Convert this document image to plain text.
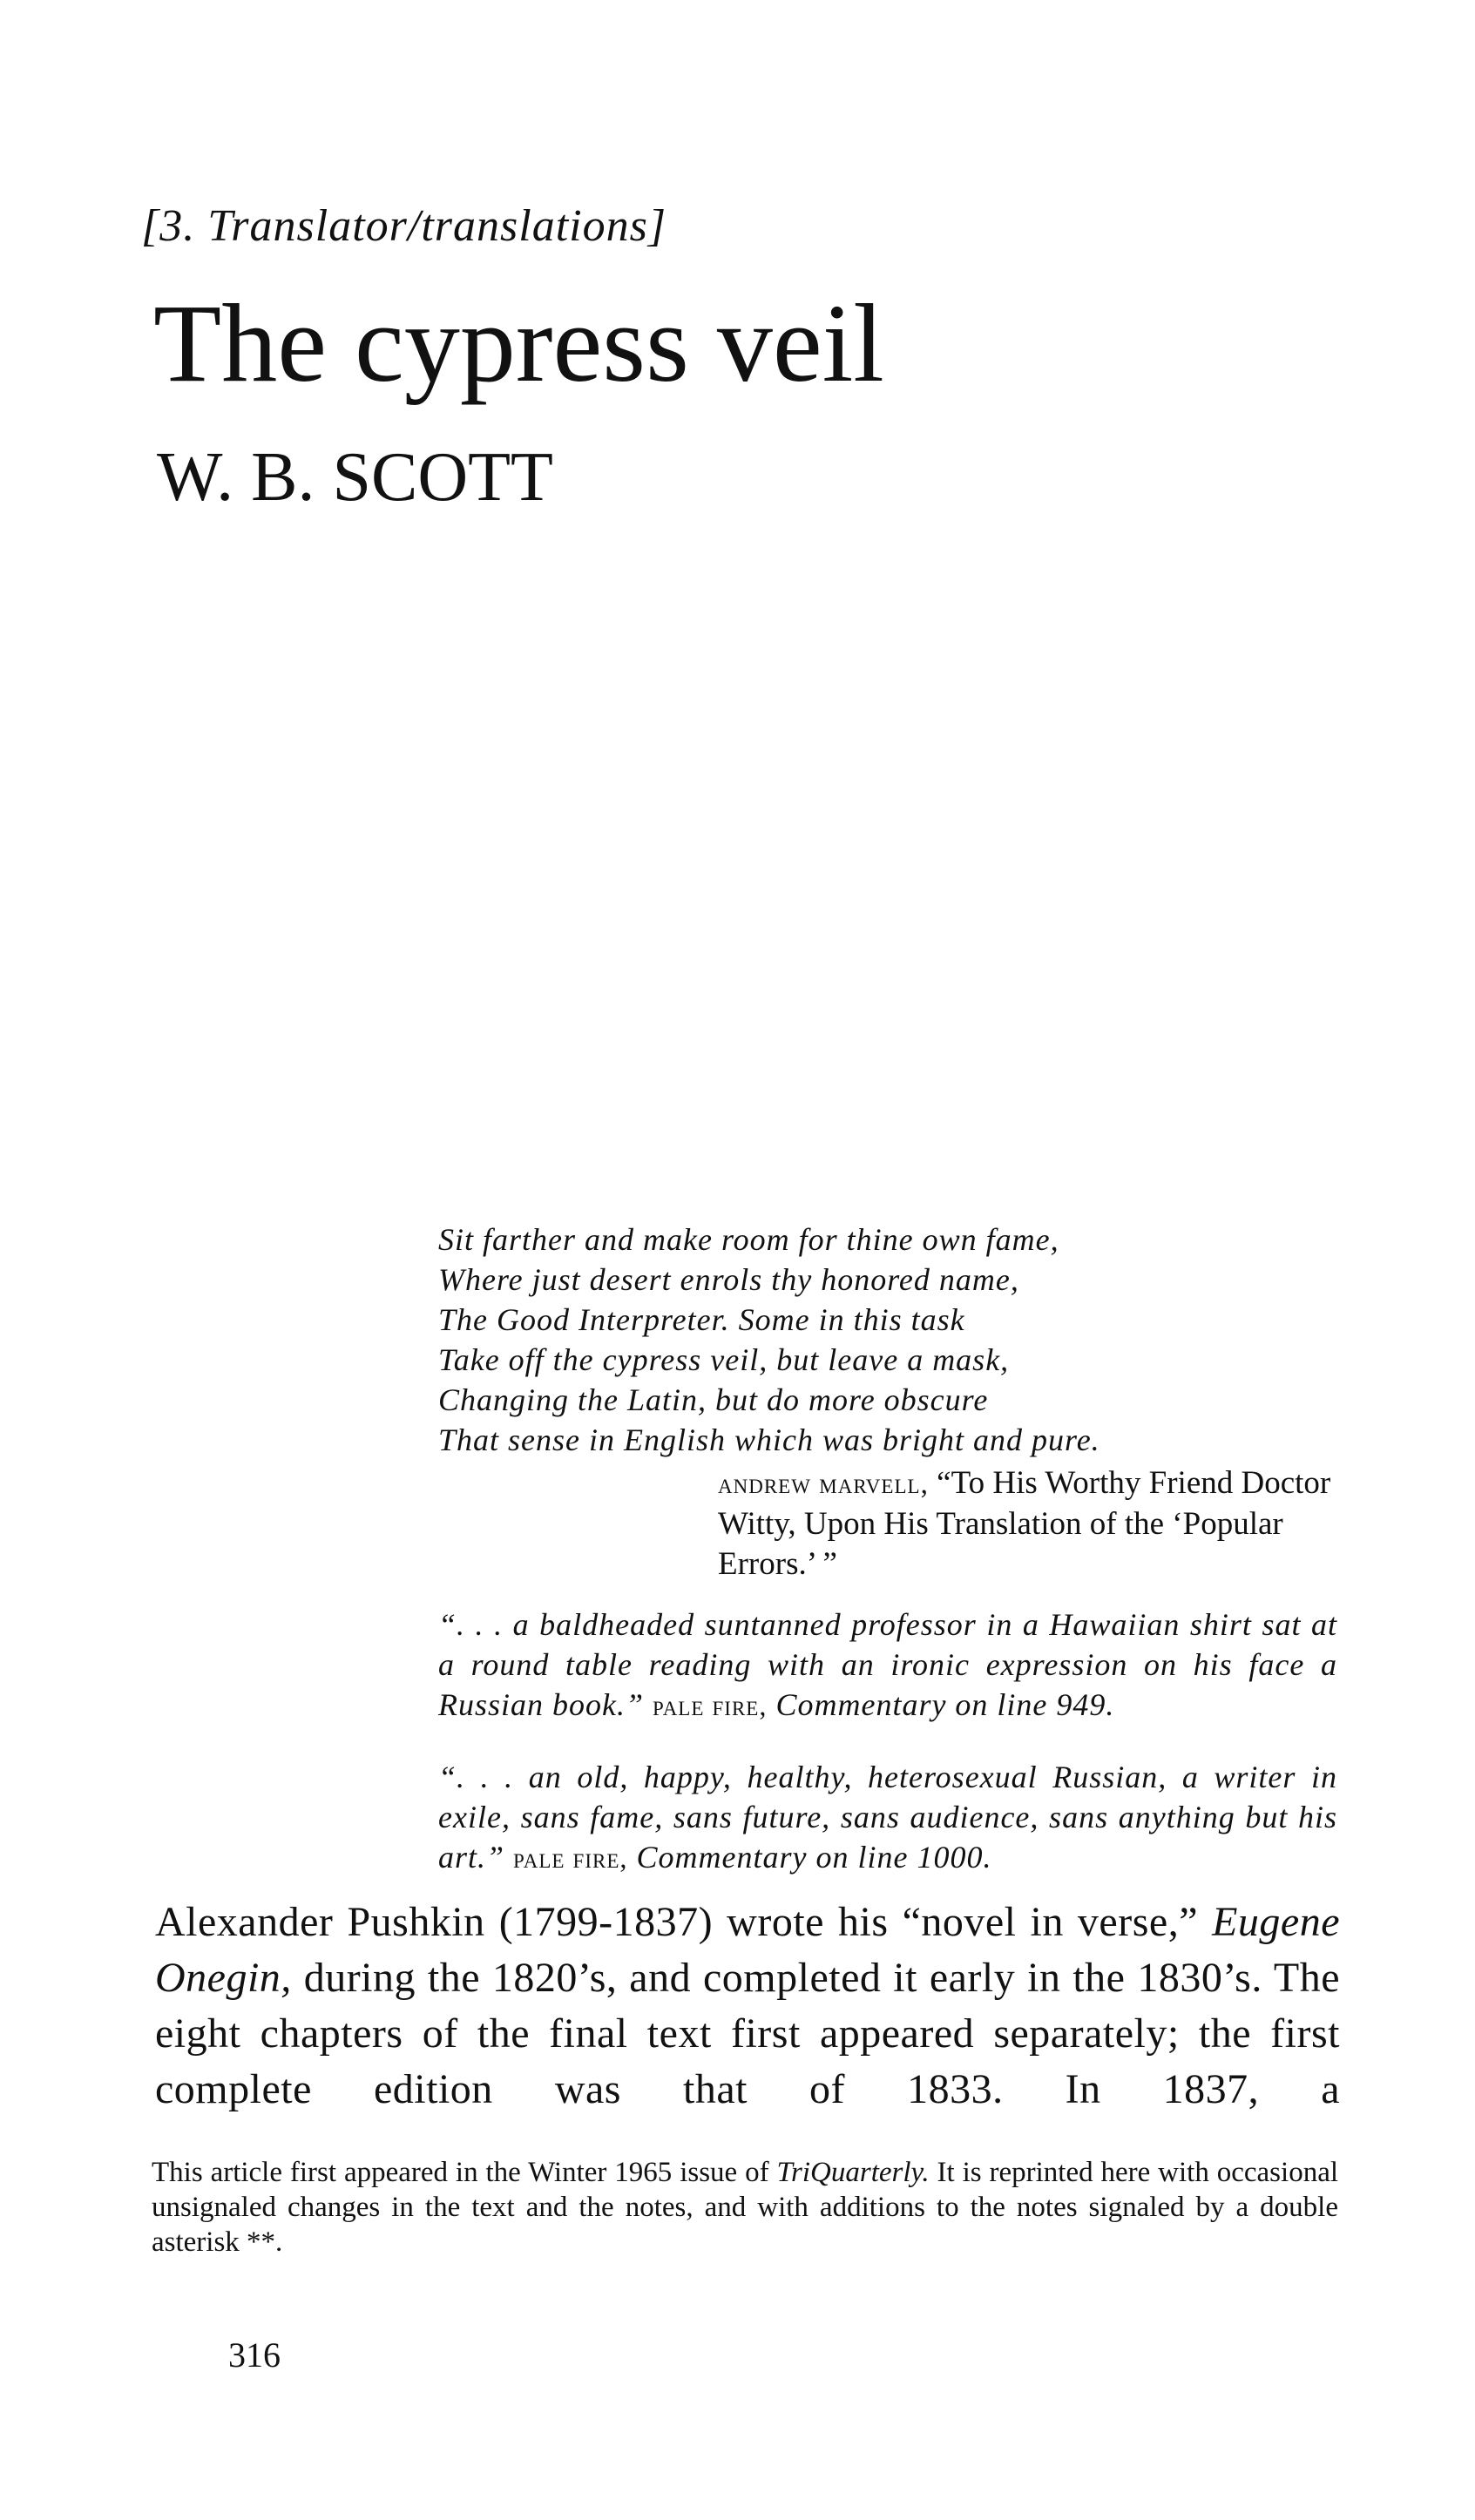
[3. Translator/translations]
The cypress veil
W. B. SCOTT
Sit farther and make room for thine own fame,
Where just desert enrols thy honored name,
The Good Interpreter. Some in this task
Take off the cypress veil, but leave a mask,
Changing the Latin, but do more obscure
That sense in English which was bright and pure.
andrew marvell, “To His Worthy Friend Doctor Witty, Upon His Translation of the ‘Popular Errors.’ ”
“. . . a baldheaded suntanned professor in a Hawaiian shirt sat at a round table reading with an ironic expression on his face a Russian book.” pale fire, Commentary on line 949.
“. . . an old, happy, healthy, heterosexual Russian, a writer in exile, sans fame, sans future, sans audience, sans anything but his art.” pale fire, Commentary on line 1000.
Alexander Pushkin (1799-1837) wrote his “novel in verse,” Eugene Onegin, during the 1820’s, and completed it early in the 1830’s. The eight chapters of the final text first appeared separately; the first complete edition was that of 1833. In 1837, a
This article first appeared in the Winter 1965 issue of TriQuarterly. It is reprinted here with occasional unsignaled changes in the text and the notes, and with additions to the notes signaled by a double asterisk **.
316
